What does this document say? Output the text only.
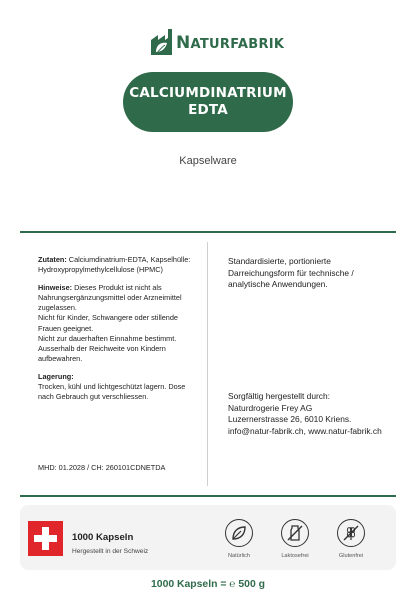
NATURFABRIK
CALCIUMDINATRIUM
EDTA
Kapselware

Zutaten: Calciumdinatrium-EDTA, Kapselhülle: Hydroxypropylmethylcellulose (HPMC)

Hinweise: Dieses Produkt ist nicht als Nahrungsergänzungsmittel oder Arzneimittel zugelassen.
Nicht für Kinder, Schwangere oder stillende Frauen geeignet.
Nicht zur dauerhaften Einnahme bestimmt.
Ausserhalb der Reichweite von Kindern aufbewahren.

Lagerung:
Trocken, kühl und lichtgeschützt lagern. Dose nach Gebrauch gut verschliessen.

MHD: 01.2028 / CH: 260101CDNETDA
Standardisierte, portionierte
Darreichungsform für technische /
analytische Anwendungen.
Sorgfältig hergestellt durch:
Naturdrogerie Frey AG
Luzernerstrasse 26, 6010 Kriens.
info@natur-fabrik.ch, www.natur-fabrik.ch
1000 Kapseln
Hergestellt in der Schweiz
Natürlich	Laktosefrei	Glutenfrei
1000 Kapseln = ℮ 500 g
